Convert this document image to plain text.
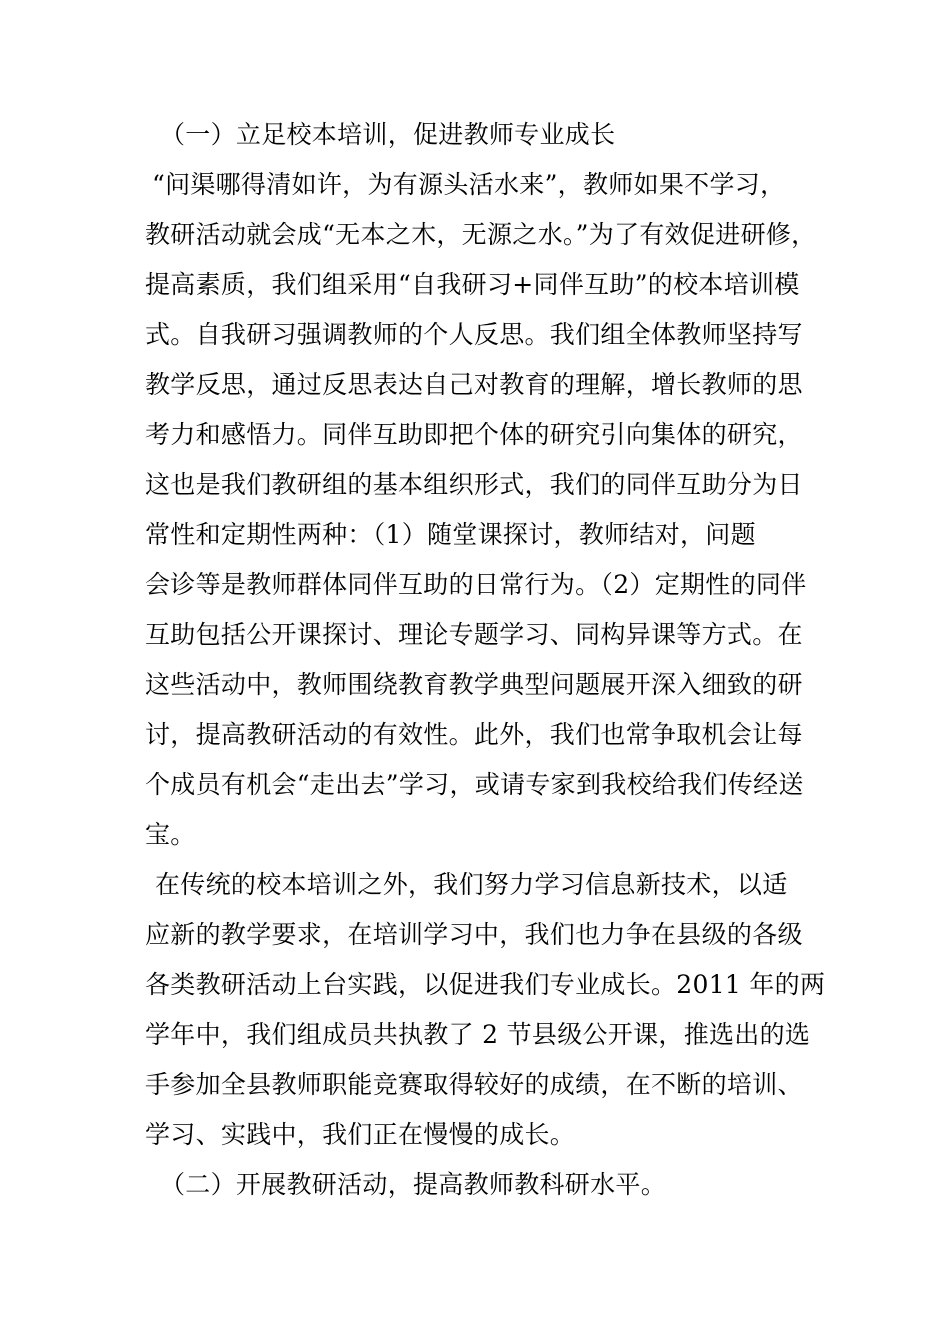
（一）立足校本培训，促进教师专业成长
“问渠哪得清如许，为有源头活水来”，教师如果不学习，
教研活动就会成“无本之木，无源之水。”为了有效促进研修，
提高素质，我们组采用“自我研习+同伴互助”的校本培训模
式。自我研习强调教师的个人反思。我们组全体教师坚持写
教学反思，通过反思表达自己对教育的理解，增长教师的思
考力和感悟力。同伴互助即把个体的研究引向集体的研究，
这也是我们教研组的基本组织形式，我们的同伴互助分为日
常性和定期性两种：（1）随堂课探讨，教师结对，问题
会诊等是教师群体同伴互助的日常行为。（2）定期性的同伴
互助包括公开课探讨、理论专题学习、同构异课等方式。在
这些活动中，教师围绕教育教学典型问题展开深入细致的研
讨，提高教研活动的有效性。此外，我们也常争取机会让每
个成员有机会“走出去”学习，或请专家到我校给我们传经送
宝。
在传统的校本培训之外，我们努力学习信息新技术，以适
应新的教学要求，在培训学习中，我们也力争在县级的各级
各类教研活动上台实践，以促进我们专业成长。2011 年的两
学年中，我们组成员共执教了 2 节县级公开课，推选出的选
手参加全县教师职能竞赛取得较好的成绩，在不断的培训、
学习、实践中，我们正在慢慢的成长。
（二）开展教研活动，提高教师教科研水平。
